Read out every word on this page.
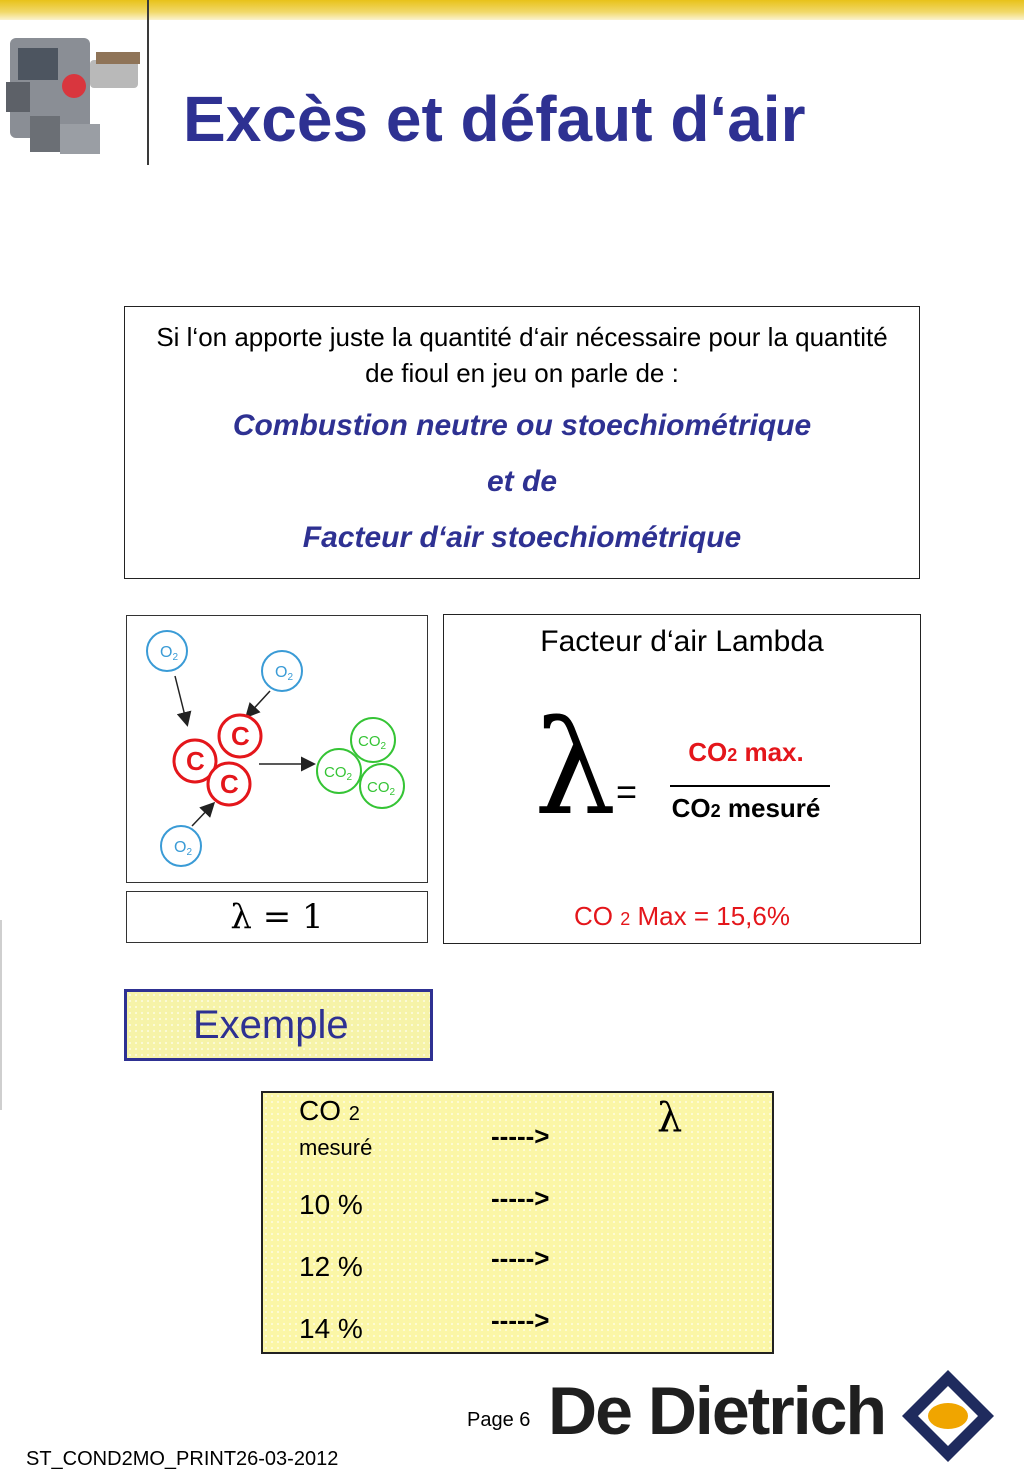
Excès et défaut d‘air
Si l‘on apporte juste la quantité d‘air nécessaire pour la quantité de fioul en jeu on parle de :
Combustion neutre ou stoechiométrique
et de
Facteur d‘air stoechiométrique
O2
O2
O2
C
C
C
$CO_2$
$CO_2$
$CO_2$
λ = 1
Facteur d‘air Lambda
λ =
CO2 max.
CO2 mesuré
CO 2 Max = 15,6%
Exemple
CO 2
mesuré	----->	λ
10 %	----->
12 %	----->
14 %	----->
Page 6 De Dietrich
ST_COND2MO_PRINT26-03-2012
